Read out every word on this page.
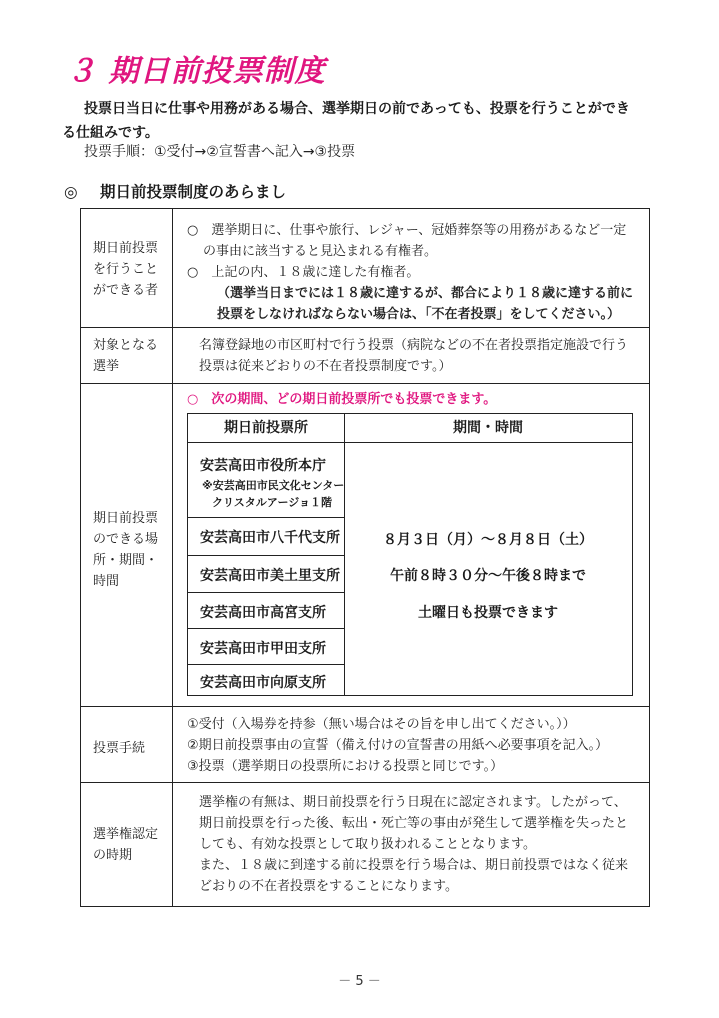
３ 期日前投票制度
投票日当日に仕事や用務がある場合、選挙期日の前であっても、投票を行うことができ
る仕組みです。
投票手順：①受付→②宣誓書へ記入→③投票
◎ 期日前投票制度のあらまし
期日前投票を行うことができる者
○　選挙期日に、仕事や旅行、レジャー、冠婚葬祭等の用務があるなど一定
の事由に該当すると見込まれる有権者。
○　上記の内、１８歳に達した有権者。
（選挙当日までには１８歳に達するが、都合により１８歳に達する前に
投票をしなければならない場合は、「不在者投票」をしてください。）
対象となる選挙
名簿登録地の市区町村で行う投票（病院などの不在者投票指定施設で行う
投票は従来どおりの不在者投票制度です。）
期日前投票のできる場所・期間・時間
○　次の期間、どの期日前投票所でも投票できます。
期日前投票所	期間・時間
安芸高田市役所本庁
※安芸高田市民文化センター
クリスタルアージョ１階
安芸高田市八千代支所
安芸高田市美土里支所
安芸高田市高宮支所
安芸高田市甲田支所
安芸高田市向原支所
８月３日（月）～８月８日（土）
午前８時３０分～午後８時まで
土曜日も投票できます
投票手続
①受付（入場券を持参（無い場合はその旨を申し出てください。））
②期日前投票事由の宣誓（備え付けの宣誓書の用紙へ必要事項を記入。）
③投票（選挙期日の投票所における投票と同じです。）
選挙権認定の時期
選挙権の有無は、期日前投票を行う日現在に認定されます。したがって、
期日前投票を行った後、転出・死亡等の事由が発生して選挙権を失ったと
しても、有効な投票として取り扱われることとなります。
また、１８歳に到達する前に投票を行う場合は、期日前投票ではなく従来
どおりの不在者投票をすることになります。
－ 5 －
